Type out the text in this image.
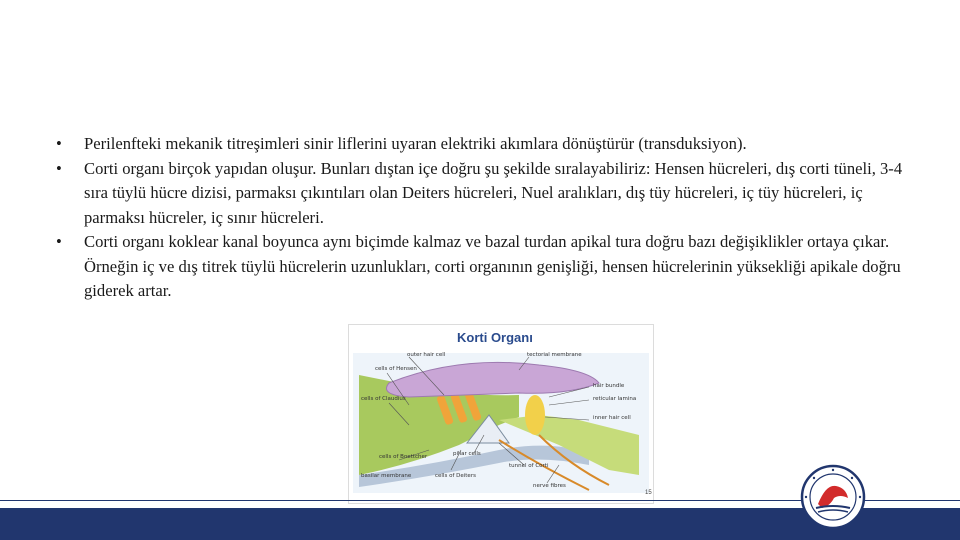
• Perilenfteki mekanik titreşimleri sinir liflerini uyaran elektriki akımlara dönüştürür (transduksiyon).
• Corti organı birçok yapıdan oluşur. Bunları dıştan içe doğru şu şekilde sıralayabiliriz: Hensen hücreleri, dış corti tüneli, 3-4 sıra tüylü hücre dizisi, parmaksı çıkıntıları olan Deiters hücreleri, Nuel aralıkları, dış tüy hücreleri, iç tüy hücreleri, iç parmaksı hücreler, iç sınır hücreleri.
• Corti organı koklear kanal boyunca aynı biçimde kalmaz ve bazal turdan apikal tura doğru bazı değişiklikler ortaya çıkar. Örneğin iç ve dış titrek tüylü hücrelerin uzunlukları, corti organının genişliği, hensen hücrelerinin yüksekliği apikale doğru giderek artar.
outer hair cell	tectorial membrane
cells of Hensen
cells of Claudius
hair bundle
reticular lamina
inner hair cell
cells of Boettcher	pillar cells
basilar membrane
tunnel of Corti
cells of Deiters
nerve fibres
Korti Organı
15
